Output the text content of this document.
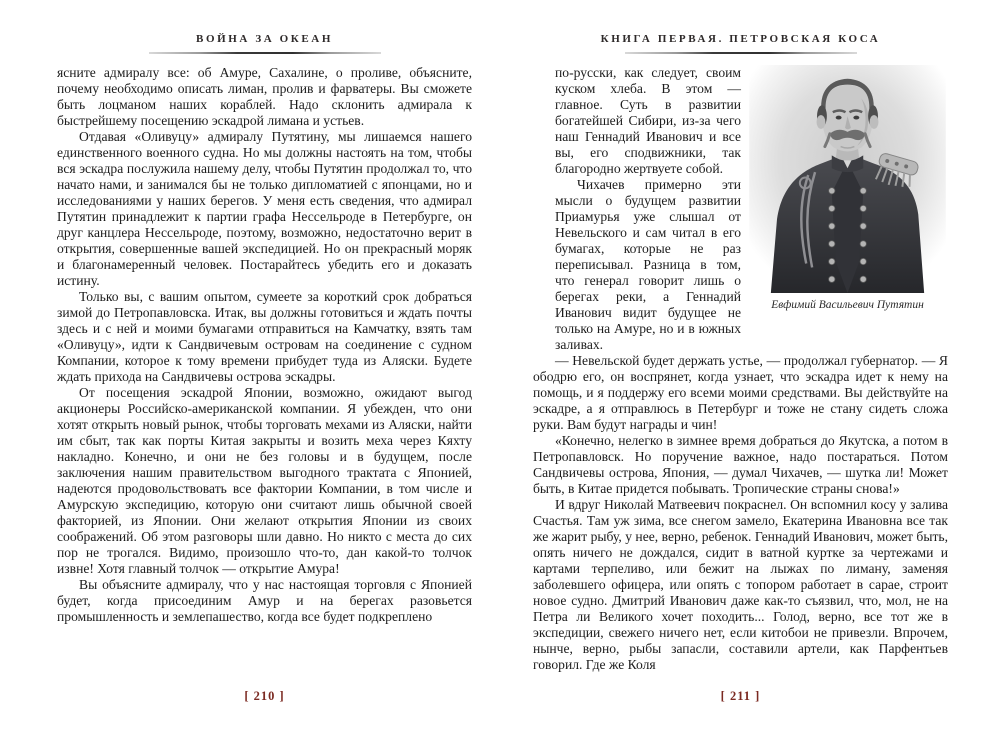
ВОЙНА ЗА ОКЕАН

ясните адмиралу все: об Амуре, Сахалине, о проливе, объясните, почему необходимо описать лиман, пролив и фарватеры. Вы сможете быть лоцманом наших кораблей. Надо склонить адмирала к быстрейшему посещению эскадрой лимана и устьев.

Отдавая «Оливуцу» адмиралу Путятину, мы лишаемся нашего единственного военного судна. Но мы должны настоять на том, чтобы вся эскадра послужила нашему делу, чтобы Путятин продолжал то, что начато нами, и занимался бы не только дипломатией с японцами, но и исследованиями у наших берегов. У меня есть сведения, что адмирал Путятин принадлежит к партии графа Нессельроде в Петербурге, он друг канцлера Нессельроде, поэтому, возможно, недостаточно верит в открытия, совершенные вашей экспедицией. Но он прекрасный моряк и благонамеренный человек. Постарайтесь убедить его и доказать истину.

Только вы, с вашим опытом, сумеете за короткий срок добраться зимой до Петропавловска. Итак, вы должны готовиться и ждать почты здесь и с ней и моими бумагами отправиться на Камчатку, взять там «Оливуцу», идти к Сандвичевым островам на соединение с судном Компании, которое к тому времени прибудет туда из Аляски. Будете ждать прихода на Сандвичевы острова эскадры.

От посещения эскадрой Японии, возможно, ожидают выгод акционеры Российско-американской компании. Я убежден, что они хотят открыть новый рынок, чтобы торговать мехами из Аляски, найти им сбыт, так как порты Китая закрыты и возить меха через Кяхту накладно. Конечно, и они не без головы и в будущем, после заключения нашим правительством выгодного трактата с Японией, надеются продовольствовать все фактории Компании, в том числе и Амурскую экспедицию, которую они считают лишь обычной своей факторией, из Японии. Они желают открытия Японии из своих соображений. Об этом разговоры шли давно. Но никто с места до сих пор не трогался. Видимо, произошло что-то, дан какой-то толчок извне! Хотя главный толчок — открытие Амура!

Вы объясните адмиралу, что у нас настоящая торговля с Японией будет, когда присоединим Амур и на берегах разовьется промышленность и землепашество, когда все будет подкреплено

[ 210 ]
КНИГА ПЕРВАЯ. ПЕТРОВСКАЯ КОСА

по-русски, как следует, своим куском хлеба. В этом — главное. Суть в развитии богатейшей Сибири, из-за чего наш Геннадий Иванович и все вы, его сподвижники, так благородно жертвуете собой.

Чихачев примерно эти мысли о будущем развитии Приамурья уже слышал от Невельского и сам читал в его бумагах, которые не раз переписывал. Разница в том, что генерал говорит лишь о берегах реки, а Геннадий Иванович видит будущее не только на Амуре, но и в южных заливах.

Евфимий Васильевич Путятин

— Невельской будет держать устье, — продолжал губернатор. — Я ободрю его, он воспрянет, когда узнает, что эскадра идет к нему на помощь, и я поддержу его всеми моими средствами. Вы действуйте на эскадре, а я отправлюсь в Петербург и тоже не стану сидеть сложа руки. Вам будут награды и чин!

«Конечно, нелегко в зимнее время добраться до Якутска, а потом в Петропавловск. Но поручение важное, надо постараться. Потом Сандвичевы острова, Япония, — думал Чихачев, — шутка ли! Может быть, в Китае придется побывать. Тропические страны снова!»

И вдруг Николай Матвеевич покраснел. Он вспомнил косу у залива Счастья. Там уж зима, все снегом замело, Екатерина Ивановна все так же жарит рыбу, у нее, верно, ребенок. Геннадий Иванович, может быть, опять ничего не дождался, сидит в ватной куртке за чертежами и картами терпеливо, или бежит на лыжах по лиману, заменяя заболевшего офицера, или опять с топором работает в сарае, строит новое судно. Дмитрий Иванович даже как-то съязвил, что, мол, не на Петра ли Великого хочет походить... Голод, верно, все тот же в экспедиции, свежего ничего нет, если китобои не привезли. Впрочем, нынче, верно, рыбы запасли, составили артели, как Парфентьев говорил. Где же Коля

[ 211 ]
